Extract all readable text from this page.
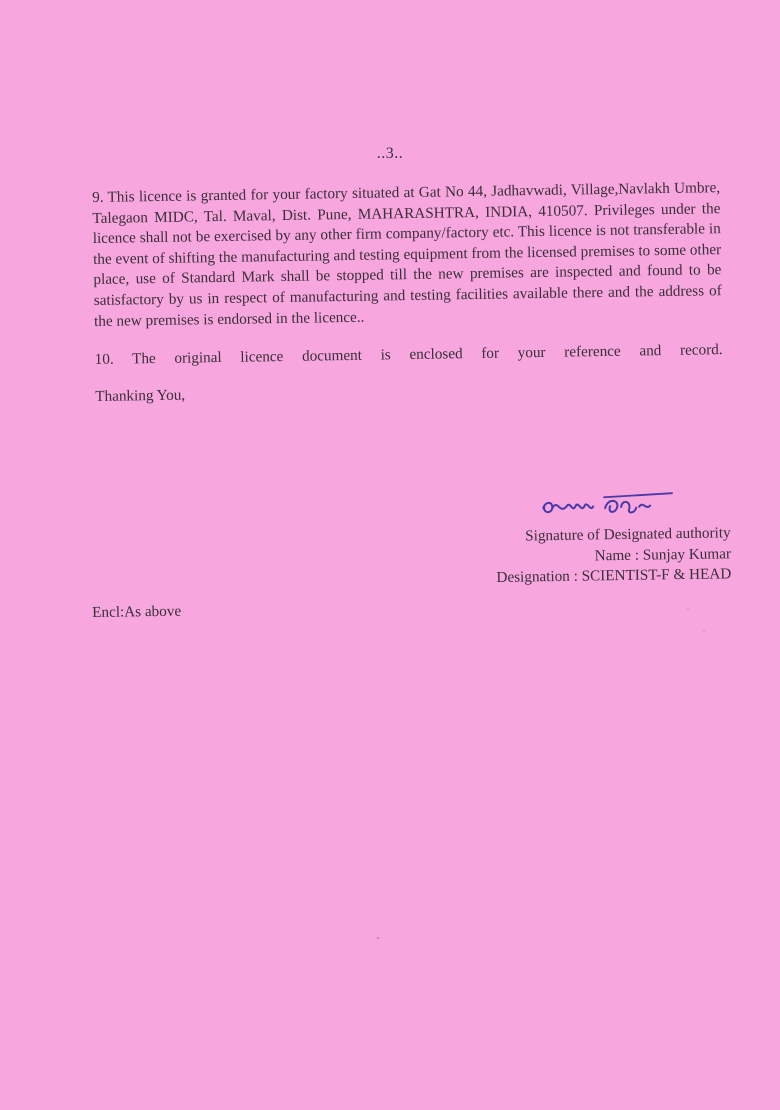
..3..

9. This licence is granted for your factory situated at Gat No 44, Jadhavwadi, Village,Navlakh Umbre, Talegaon MIDC, Tal. Maval, Dist. Pune, MAHARASHTRA, INDIA, 410507. Privileges under the licence shall not be exercised by any other firm company/factory etc. This licence is not transferable in the event of shifting the manufacturing and testing equipment from the licensed premises to some other place, use of Standard Mark shall be stopped till the new premises are inspected and found to be satisfactory by us in respect of manufacturing and testing facilities available there and the address of the new premises is endorsed in the licence..

10. The original licence document is enclosed for your reference and record.

Thanking You,
Signature of Designated authority
Name : Sunjay Kumar
Designation : SCIENTIST-F & HEAD
Encl:As above
